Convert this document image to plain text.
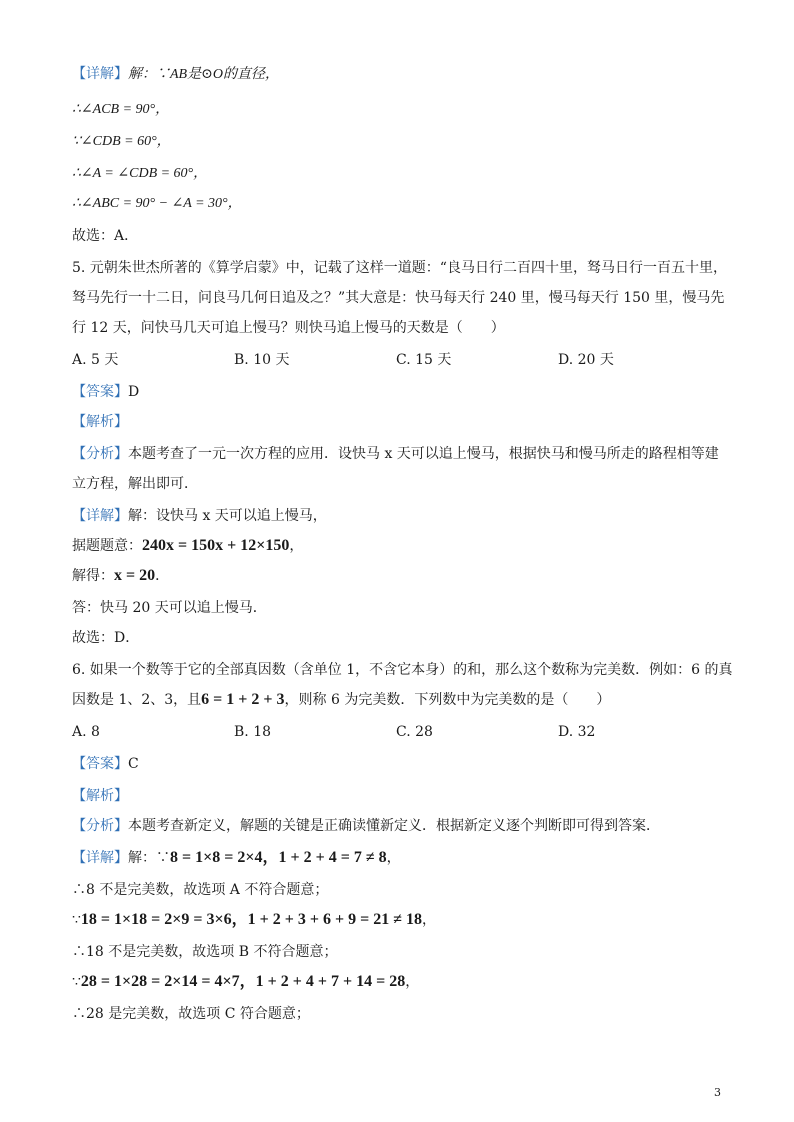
【详解】解：∵AB是⊙O的直径，
∴∠ACB = 90°，
∵∠CDB = 60°，
∴∠A = ∠CDB = 60°，
∴∠ABC = 90° − ∠A = 30°，
故选：A．
5. 元朝朱世杰所著的《算学启蒙》中，记载了这样一道题：“良马日行二百四十里，驽马日行一百五十里，
驽马先行一十二日，问良马几何日追及之？”其大意是：快马每天行 240 里，慢马每天行 150 里，慢马先
行 12 天，问快马几天可追上慢马？则快马追上慢马的天数是（　　）
A. 5 天	B. 10 天	C. 15 天	D. 20 天
【答案】D
【解析】
【分析】本题考查了一元一次方程的应用．设快马 x 天可以追上慢马，根据快马和慢马所走的路程相等建
立方程，解出即可．
【详解】解：设快马 x 天可以追上慢马，
据题题意：240x = 150x + 12×150，
解得：x = 20．
答：快马 20 天可以追上慢马．
故选：D．
6. 如果一个数等于它的全部真因数（含单位 1，不含它本身）的和，那么这个数称为完美数．例如：6 的真
因数是 1、2、3，且6 = 1 + 2 + 3，则称 6 为完美数．下列数中为完美数的是（　　）
A. 8	B. 18	C. 28	D. 32
【答案】C
【解析】
【分析】本题考查新定义，解题的关键是正确读懂新定义．根据新定义逐个判断即可得到答案．
【详解】解：∵8 = 1×8 = 2×4，1 + 2 + 4 = 7 ≠ 8，
∴8 不是完美数，故选项 A 不符合题意；
∵18 = 1×18 = 2×9 = 3×6，1 + 2 + 3 + 6 + 9 = 21 ≠ 18，
∴18 不是完美数，故选项 B 不符合题意；
∵28 = 1×28 = 2×14 = 4×7，1 + 2 + 4 + 7 + 14 = 28，
∴28 是完美数，故选项 C 符合题意；
3
